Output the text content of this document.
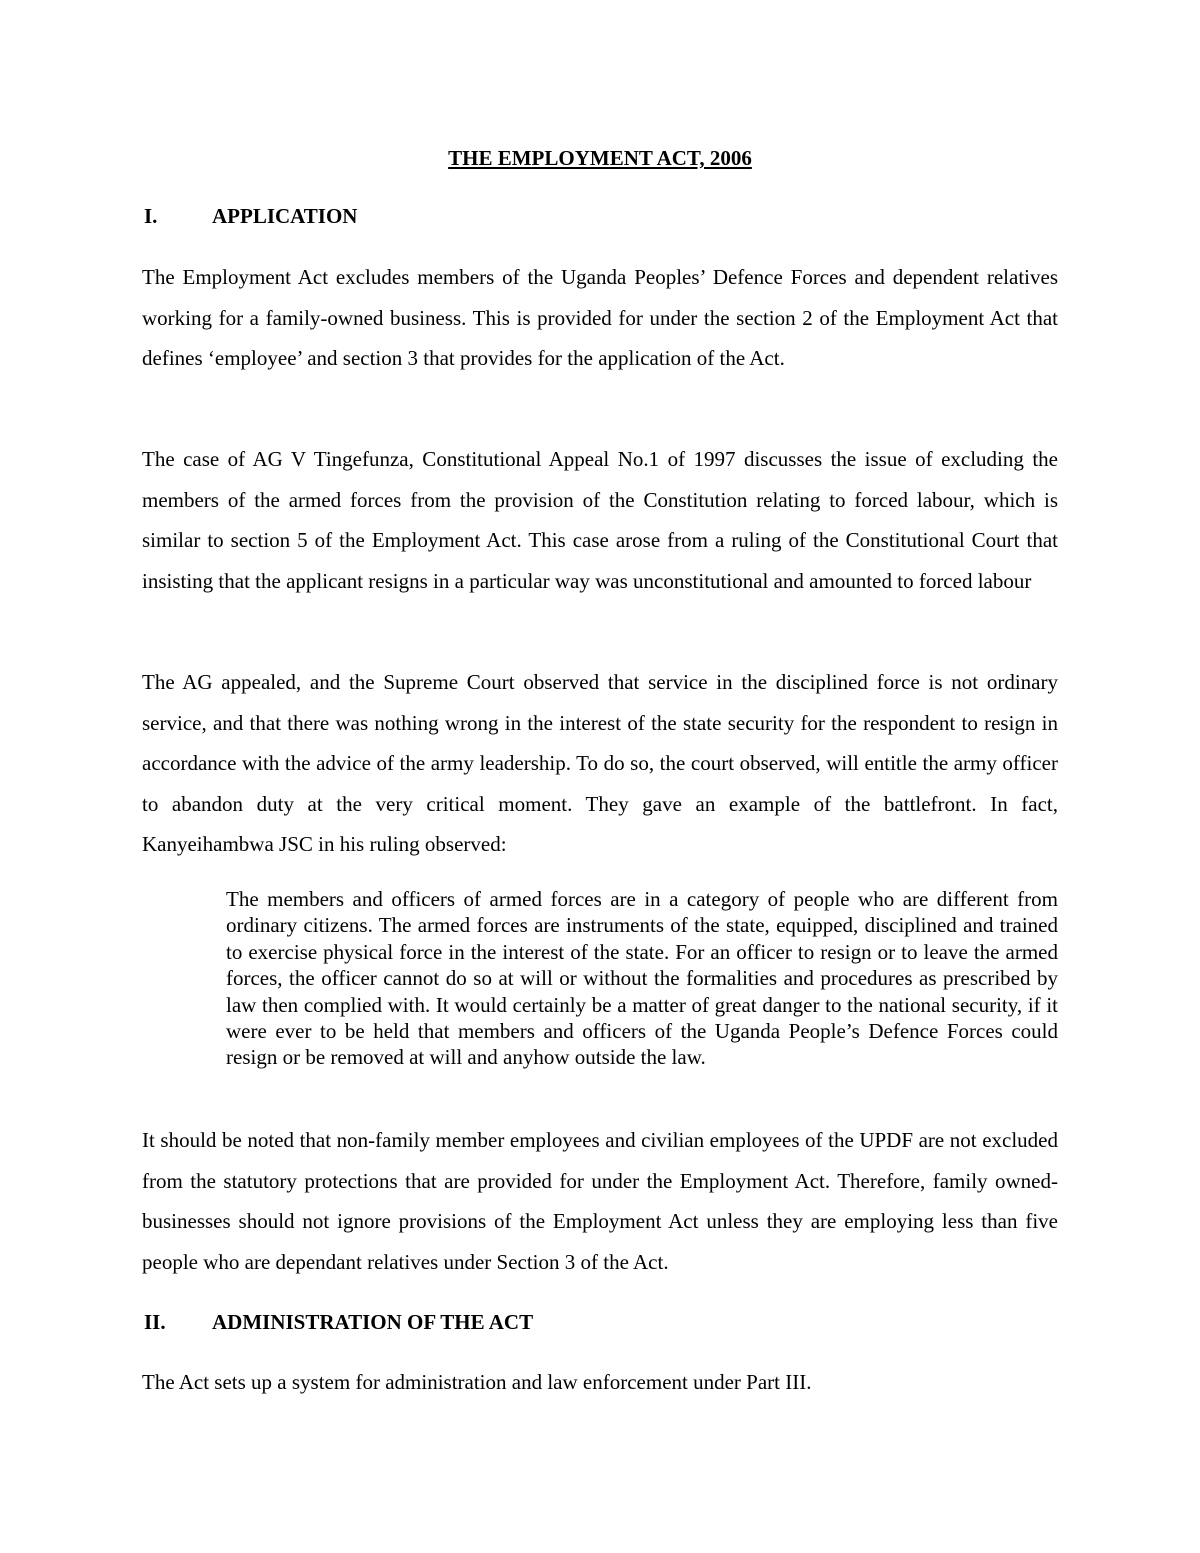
THE EMPLOYMENT ACT, 2006
I.	APPLICATION

The Employment Act excludes members of the Uganda Peoples’ Defence Forces and dependent relatives working for a family-owned business. This is provided for under the section 2 of the Employment Act that defines ‘employee’ and section 3 that provides for the application of the Act.

The case of AG V Tingefunza, Constitutional Appeal No.1 of 1997 discusses the issue of excluding the members of the armed forces from the provision of the Constitution relating to forced labour, which is similar to section 5 of the Employment Act. This case arose from a ruling of the Constitutional Court that insisting that the applicant resigns in a particular way was unconstitutional and amounted to forced labour

The AG appealed, and the Supreme Court observed that service in the disciplined force is not ordinary service, and that there was nothing wrong in the interest of the state security for the respondent to resign in accordance with the advice of the army leadership. To do so, the court observed, will entitle the army officer to abandon duty at the very critical moment. They gave an example of the battlefront. In fact, Kanyeihambwa JSC in his ruling observed:

The members and officers of armed forces are in a category of people who are different from ordinary citizens. The armed forces are instruments of the state, equipped, disciplined and trained to exercise physical force in the interest of the state. For an officer to resign or to leave the armed forces, the officer cannot do so at will or without the formalities and procedures as prescribed by law then complied with. It would certainly be a matter of great danger to the national security, if it were ever to be held that members and officers of the Uganda People’s Defence Forces could resign or be removed at will and anyhow outside the law.

It should be noted that non-family member employees and civilian employees of the UPDF are not excluded from the statutory protections that are provided for under the Employment Act. Therefore, family owned-businesses should not ignore provisions of the Employment Act unless they are employing less than five people who are dependant relatives under Section 3 of the Act.

II. ADMINISTRATION OF THE ACT

The Act sets up a system for administration and law enforcement under Part III.
